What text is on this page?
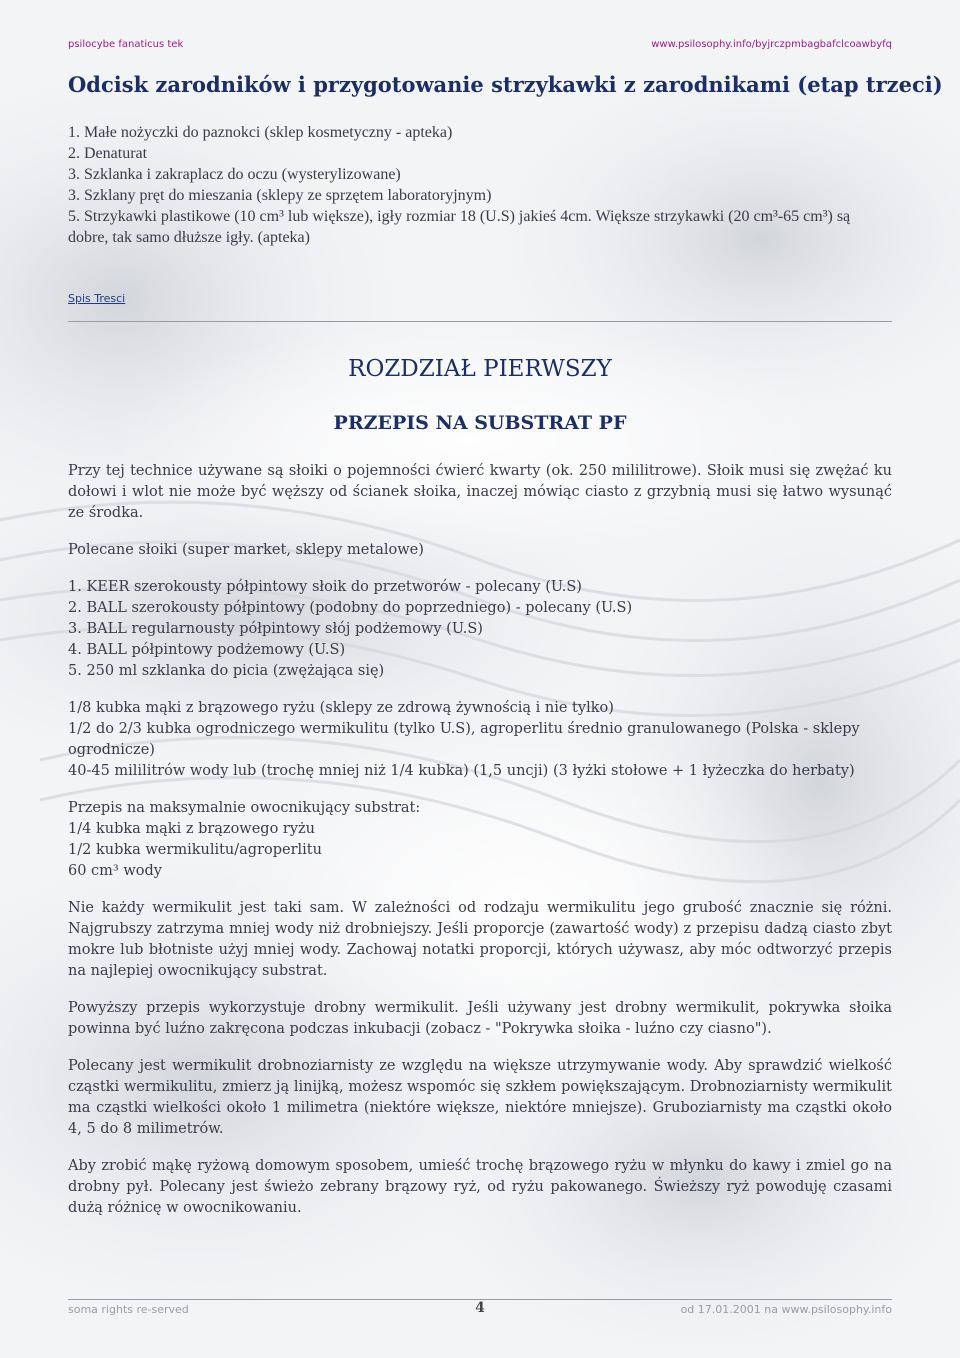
psilocybe fanaticus tek	www.psilosophy.info/byjrczpmbagbafclcoawbyfq
Odcisk zarodników i przygotowanie strzykawki z zarodnikami (etap trzeci)

1. Małe nożyczki do paznokci (sklep kosmetyczny - apteka)

2. Denaturat

3. Szklanka i zakraplacz do oczu (wysterylizowane)

3. Szklany pręt do mieszania (sklepy ze sprzętem laboratoryjnym)

5. Strzykawki plastikowe (10 cm³ lub większe), igły rozmiar 18 (U.S) jakieś 4cm. Większe strzykawki (20 cm³-65 cm³) są dobre, tak samo dłuższe igły. (apteka)

Spis Tresci
ROZDZIAŁ PIERWSZY
PRZEPIS NA SUBSTRAT PF

Przy tej technice używane są słoiki o pojemności ćwierć kwarty (ok. 250 mililitrowe). Słoik musi się zwężać ku dołowi i wlot nie może być węższy od ścianek słoika, inaczej mówiąc ciasto z grzybnią musi się łatwo wysunąć ze środka.

Polecane słoiki (super market, sklepy metalowe)

1. KEER szerokousty półpintowy słoik do przetworów - polecany (U.S)

2. BALL szerokousty półpintowy (podobny do poprzedniego) - polecany (U.S)

3. BALL regularnousty półpintowy słój podżemowy (U.S)

4. BALL półpintowy podżemowy (U.S)

5. 250 ml szklanka do picia (zwężająca się)

1/8 kubka mąki z brązowego ryżu (sklepy ze zdrową żywnością i nie tylko)

1/2 do 2/3 kubka ogrodniczego wermikulitu (tylko U.S), agroperlitu średnio granulowanego (Polska - sklepy ogrodnicze)

40-45 mililitrów wody lub (trochę mniej niż 1/4 kubka) (1,5 uncji) (3 łyżki stołowe + 1 łyżeczka do herbaty)

Przepis na maksymalnie owocnikujący substrat:

1/4 kubka mąki z brązowego ryżu

1/2 kubka wermikulitu/agroperlitu

60 cm³ wody

Nie każdy wermikulit jest taki sam. W zależności od rodzaju wermikulitu jego grubość znacznie się różni. Najgrubszy zatrzyma mniej wody niż drobniejszy. Jeśli proporcje (zawartość wody) z przepisu dadzą ciasto zbyt mokre lub błotniste użyj mniej wody. Zachowaj notatki proporcji, których używasz, aby móc odtworzyć przepis na najlepiej owocnikujący substrat.

Powyższy przepis wykorzystuje drobny wermikulit. Jeśli używany jest drobny wermikulit, pokrywka słoika powinna być luźno zakręcona podczas inkubacji (zobacz - "Pokrywka słoika - luźno czy ciasno").

Polecany jest wermikulit drobnoziarnisty ze względu na większe utrzymywanie wody. Aby sprawdzić wielkość cząstki wermikulitu, zmierz ją linijką, możesz wspomóc się szkłem powiększającym. Drobnoziarnisty wermikulit ma cząstki wielkości około 1 milimetra (niektóre większe, niektóre mniejsze). Gruboziarnisty ma cząstki około 4, 5 do 8 milimetrów.

Aby zrobić mąkę ryżową domowym sposobem, umieść trochę brązowego ryżu w młynku do kawy i zmiel go na drobny pył. Polecany jest świeżo zebrany brązowy ryż, od ryżu pakowanego. Świeższy ryż powoduję czasami dużą różnicę w owocnikowaniu.

soma rights re-served	4	od 17.01.2001 na www.psilosophy.info
